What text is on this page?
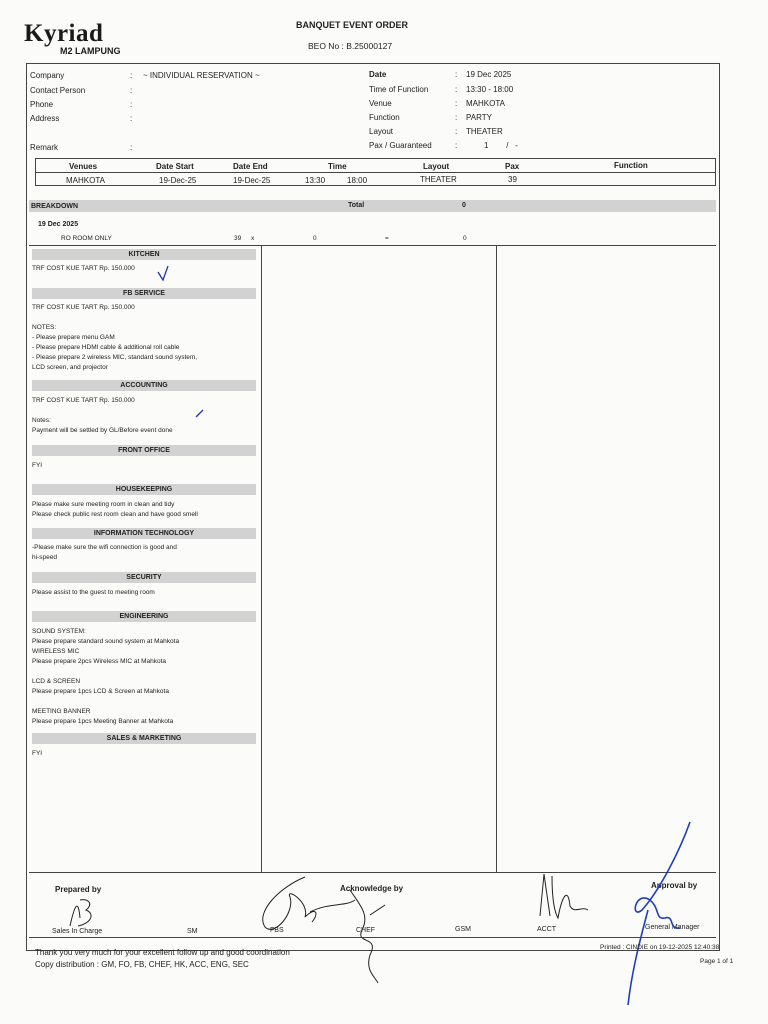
Kyriad
M2 LAMPUNG
BANQUET EVENT ORDER
BEO No : B.25000127
Company	: ~ INDIVIDUAL RESERVATION ~
Contact Person	:
Phone	:
Address	:
Remark	:
Date	: 19 Dec 2025
Time of Function	: 13:30 - 18:00
Venue	: MAHKOTA
Function	: PARTY
Layout	: THEATER
Pax / Guaranteed	:	1        /   -
Venues	Date Start	Date End	Time	Layout	Pax	Function
MAHKOTA	19-Dec-25	19-Dec-25	13:30	18:00	THEATER	39
BREAKDOWN	Total	0
19 Dec 2025
RO ROOM ONLY	39 x	0	=	0
KITCHEN
TRF COST KUE TART Rp. 150.000
FB SERVICE
TRF COST KUE TART Rp. 150.000

NOTES:
- Please prepare menu GAM
- Please prepare HDMI cable & additional roll cable
- Please prepare 2 wireless MIC, standard sound system,
LCD screen, and projector
ACCOUNTING
TRF COST KUE TART Rp. 150.000

Notes:
Payment will be settled by GL/Before event done
FRONT OFFICE
FYI
HOUSEKEEPING
Please make sure meeting room in clean and tidy
Please check public rest room clean and have good smell
INFORMATION TECHNOLOGY
-Please make sure the wifi connection is good and
hi-speed
SECURITY
Please assist to the guest to meeting room
ENGINEERING
SOUND SYSTEM:
Please prepare standard sound system at Mahkota
WIRELESS MIC
Please prepare 2pcs Wireless MIC at Mahkota

LCD & SCREEN
Please prepare 1pcs LCD & Screen at Mahkota

MEETING BANNER
Please prepare 1pcs Meeting Banner at Mahkota
SALES & MARKETING
FYI
Prepared by	Acknowledge by	Approval by
Sales In Charge	SM	FBS	CHEF	GSM	ACCT	General Manager
Thank you very much for your excellent follow up and good coordination
Copy distribution : GM, FO, FB, CHEF, HK, ACC, ENG, SEC
Printed : CINDIE on 19-12-2025 12:40:38
Page 1 of 1
